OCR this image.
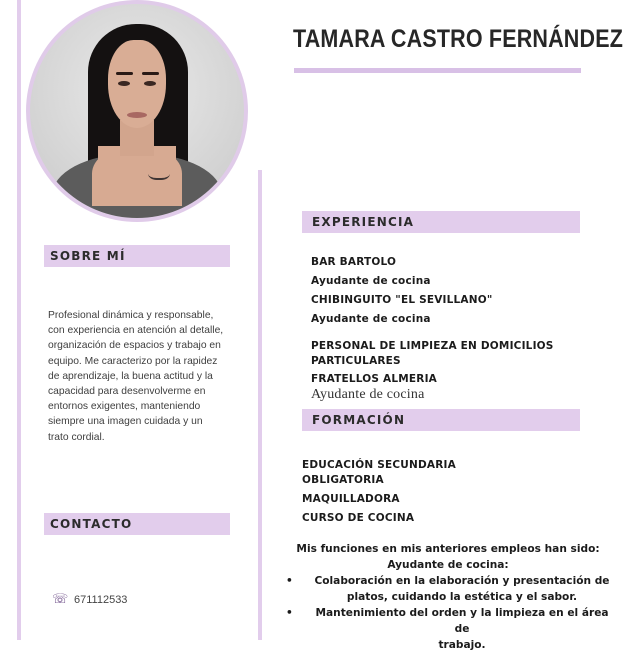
TAMARA CASTRO FERNÁNDEZ
SOBRE MÍ
Profesional dinámica y responsable,
con experiencia en atención al detalle,
organización de espacios y trabajo en
equipo. Me caracterizo por la rapidez
de aprendizaje, la buena actitud y la
capacidad para desenvolverme en
entornos exigentes, manteniendo
siempre una imagen cuidada y un
trato cordial.
CONTACTO
☏ 671112533
EXPERIENCIA
BAR BARTOLO
Ayudante de cocina
CHIBINGUITO "EL SEVILLANO"
Ayudante de cocina
PERSONAL DE LIMPIEZA EN DOMICILIOS
PARTICULARES
FRATELLOS ALMERIA
Ayudante de cocina
FORMACIÓN
EDUCACIÓN SECUNDARIA
OBLIGATORIA
MAQUILLADORA
CURSO DE COCINA
Mis funciones en mis anteriores empleos han sido:
Ayudante de cocina:
•	Colaboración en la elaboración y presentación de
platos, cuidando la estética y el sabor.
•	Mantenimiento del orden y la limpieza en el área de
trabajo.
